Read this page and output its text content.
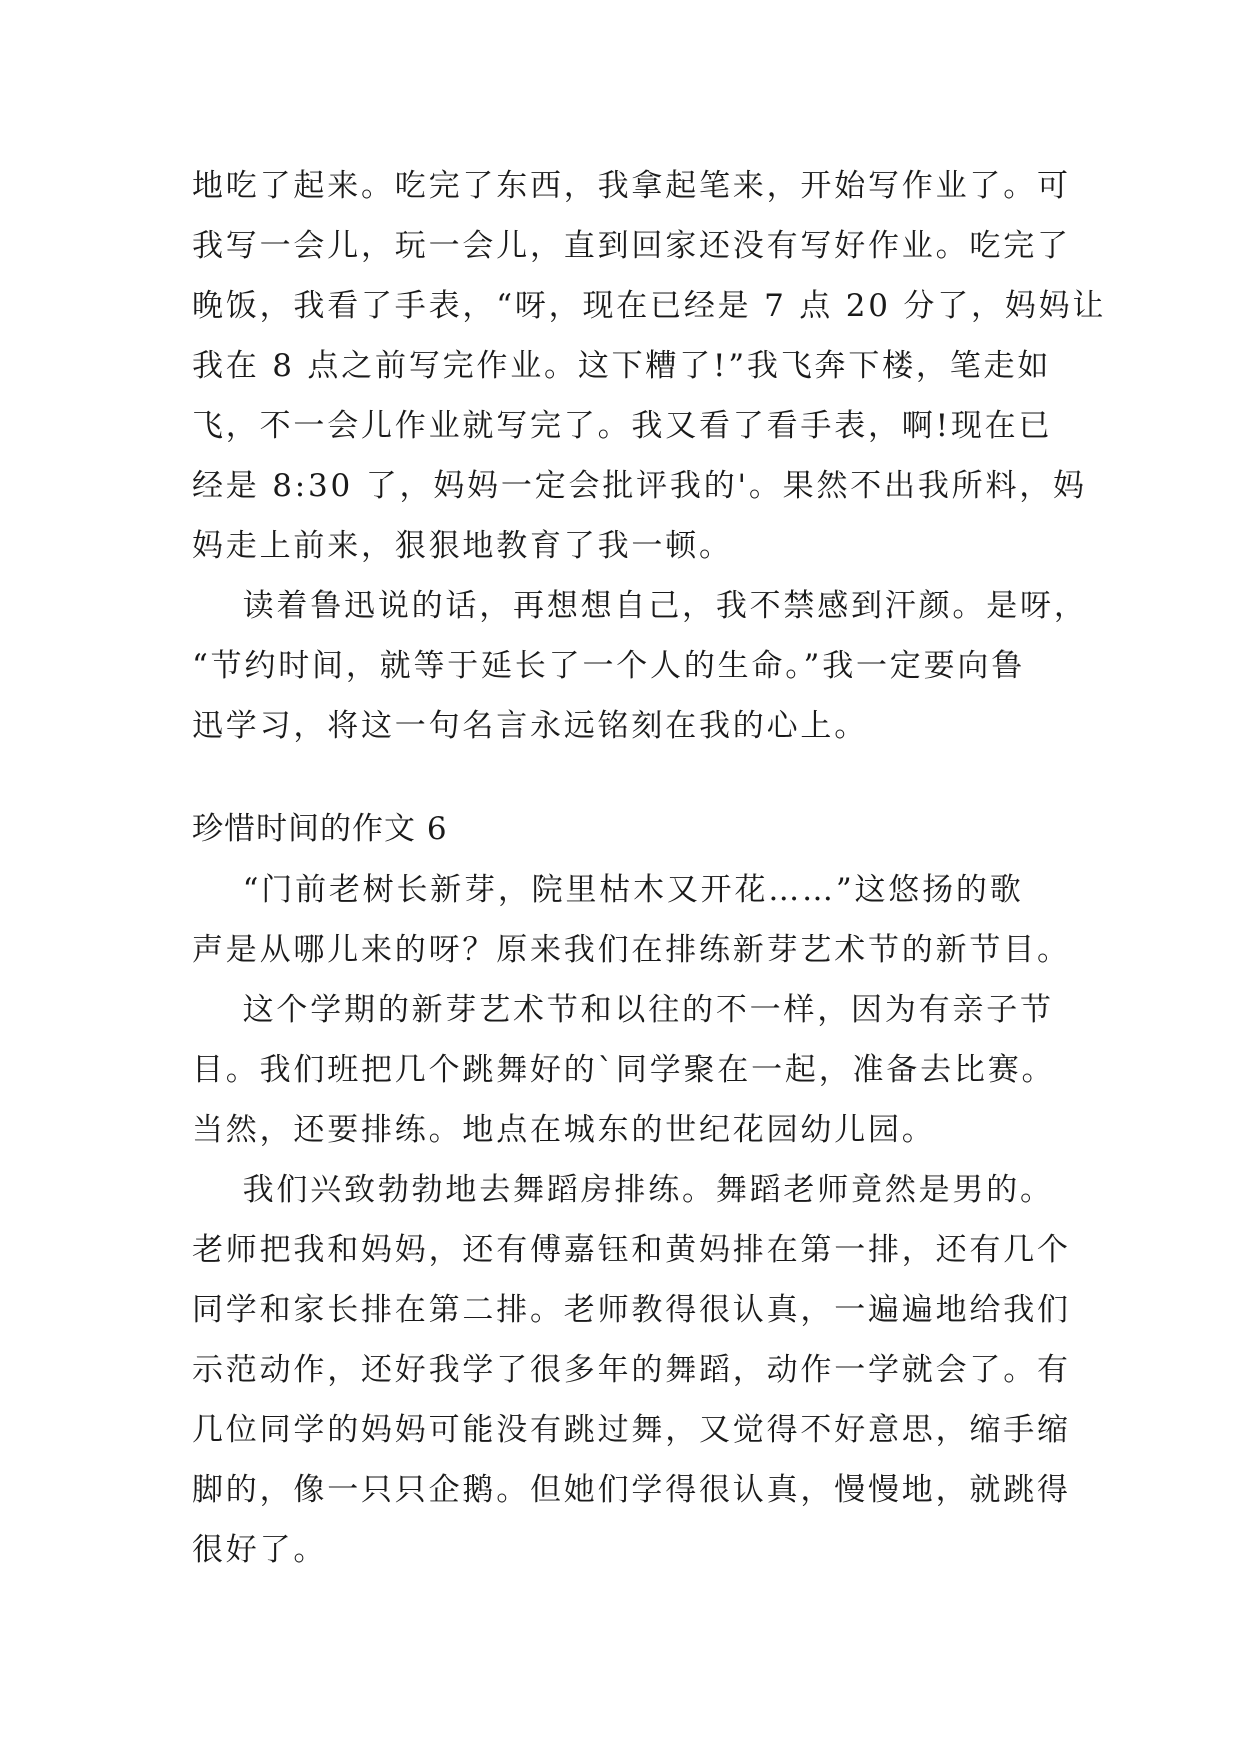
地吃了起来。吃完了东西，我拿起笔来，开始写作业了。可
我写一会儿，玩一会儿，直到回家还没有写好作业。吃完了
晚饭，我看了手表，“呀，现在已经是 7 点 20 分了，妈妈让
我在 8 点之前写完作业。这下糟了!”我飞奔下楼，笔走如
飞，不一会儿作业就写完了。我又看了看手表，啊!现在已
经是 8:30 了，妈妈一定会批评我的'。果然不出我所料，妈
妈走上前来，狠狠地教育了我一顿。
读着鲁迅说的话，再想想自己，我不禁感到汗颜。是呀，
“节约时间，就等于延长了一个人的生命。”我一定要向鲁
迅学习，将这一句名言永远铭刻在我的心上。
珍惜时间的作文 6
“门前老树长新芽，院里枯木又开花……”这悠扬的歌
声是从哪儿来的呀？原来我们在排练新芽艺术节的新节目。
这个学期的新芽艺术节和以往的不一样，因为有亲子节
目。我们班把几个跳舞好的`同学聚在一起，准备去比赛。
当然，还要排练。地点在城东的世纪花园幼儿园。
我们兴致勃勃地去舞蹈房排练。舞蹈老师竟然是男的。
老师把我和妈妈，还有傅嘉钰和黄妈排在第一排，还有几个
同学和家长排在第二排。老师教得很认真，一遍遍地给我们
示范动作，还好我学了很多年的舞蹈，动作一学就会了。有
几位同学的妈妈可能没有跳过舞，又觉得不好意思，缩手缩
脚的，像一只只企鹅。但她们学得很认真，慢慢地，就跳得
很好了。
